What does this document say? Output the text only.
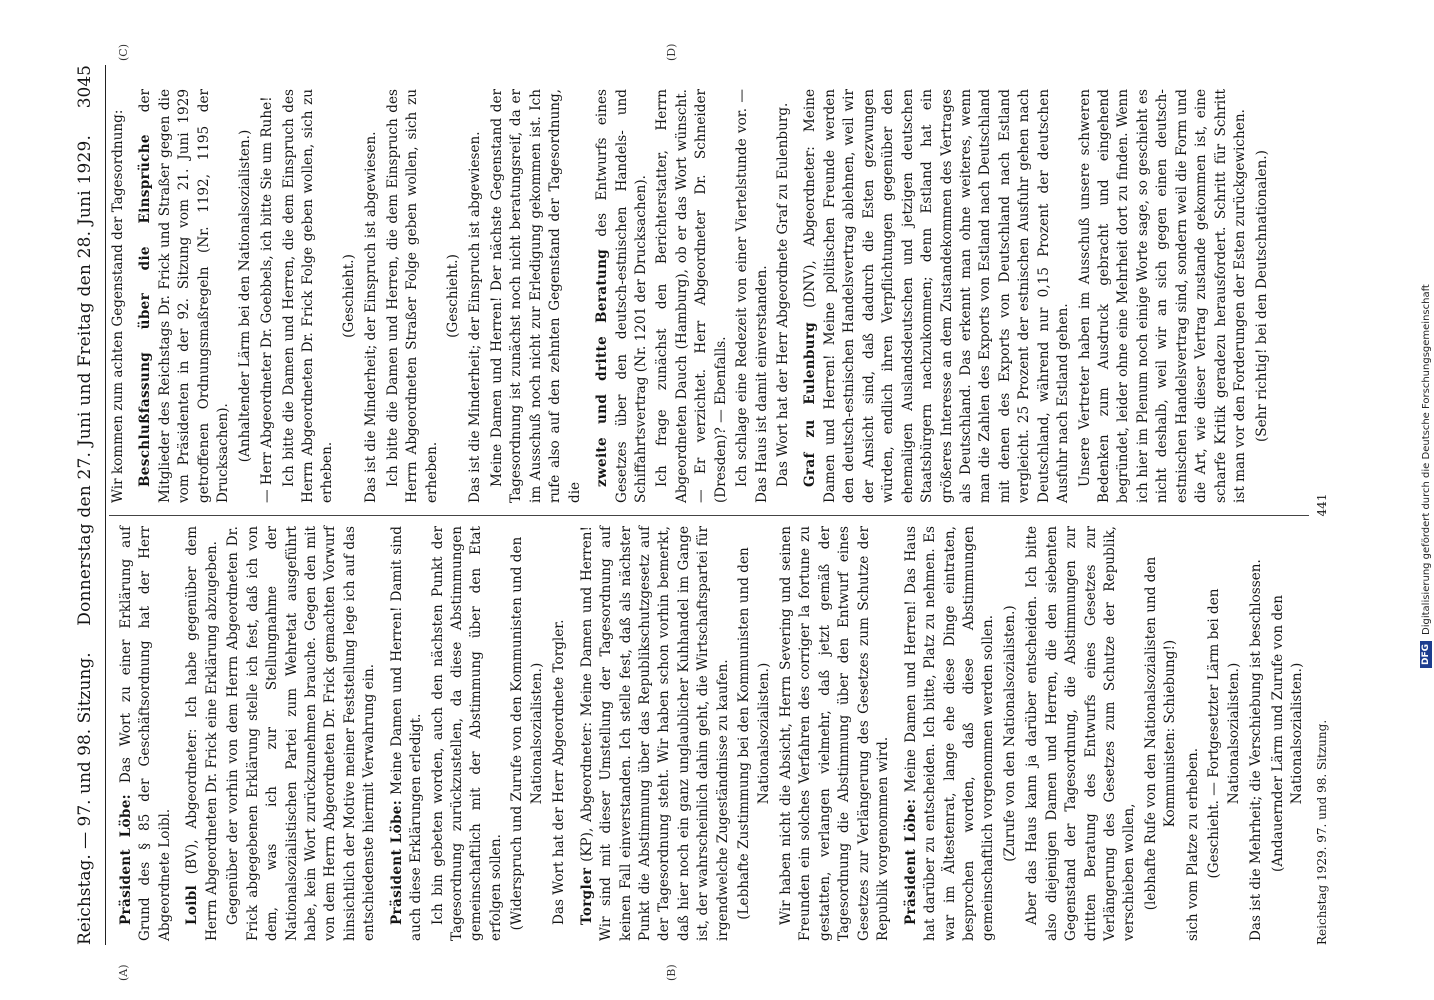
Reichstag. — 97. und 98. Sitzung.
Donnerstag den 27. Juni und Freitag den 28. Juni 1929.
3045

Präsident Löbe: Das Wort zu einer Erklärung auf Grund des § 85 der Geschäftsordnung hat der Herr Abgeordnete Loibl. Loibl (BV), Abgeordneter: Ich habe gegenüber dem Herrn Abgeordneten Dr. Frick eine Erklärung abzugeben. Gegenüber der vorhin von dem Herrn Abgeordneten Dr. Frick abgegebenen Erklärung stelle ich fest, daß ich von dem, was ich zur Stellungnahme der Nationalsozialistischen Partei zum Wehretat ausgeführt habe, kein Wort zurückzunehmen brauche. Gegen den mit von dem Herrn Abgeordneten Dr. Frick gemachten Vorwurf hinsichtlich der Motive meiner Feststellung lege ich auf das entschiedenste hiermit Verwahrung ein. Präsident Löbe: Meine Damen und Herren! Damit sind auch diese Erklärungen erledigt. Ich bin gebeten worden, auch den nächsten Punkt der Tagesordnung zurückzustellen, da diese Abstimmungen gemeinschaftlich mit der Abstimmung über den Etat erfolgen sollen. (Widerspruch und Zurufe von den Kommunisten und den Nationalsozialisten.) Das Wort hat der Herr Abgeordnete Torgler. Torgler (KP), Abgeordneter: Meine Damen und Herren! Wir sind mit dieser Umstellung der Tagesordnung auf keinen Fall einverstanden. Ich stelle fest, daß als nächster Punkt die Abstimmung über das Republikschutzgesetz auf der Tagesordnung steht. Wir haben schon vorhin bemerkt, daß hier noch ein ganz unglaublicher Kuhhandel im Gange ist, der wahrscheinlich dahin geht, die Wirtschaftspartei für irgendwelche Zugeständnisse zu kaufen. (Lebhafte Zustimmung bei den Kommunisten und den Nationalsozialisten.) Wir haben nicht die Absicht, Herrn Severing und seinen Freunden ein solches Verfahren des corriger la fortune zu gestatten, verlangen vielmehr, daß jetzt gemäß der Tagesordnung die Abstimmung über den Entwurf eines Gesetzes zur Verlängerung des Gesetzes zum Schutze der Republik vorgenommen wird. Präsident Löbe: Meine Damen und Herren! Das Haus hat darüber zu entscheiden. Ich bitte, Platz zu nehmen. Es war im Ältestenrat, lange ehe diese Dinge eintraten, besprochen worden, daß diese Abstimmungen gemeinschaftlich vorgenommen werden sollen. (Zurufe von den Nationalsozialisten.) Aber das Haus kann ja darüber entscheiden. Ich bitte also diejenigen Damen und Herren, die den siebenten Gegenstand der Tagesordnung, die Abstimmungen zur dritten Beratung des Entwurfs eines Gesetzes zur Verlängerung des Gesetzes zum Schutze der Republik, verschieben wollen, (lebhafte Rufe von den Nationalsozialisten und den Kommunisten: Schiebung!)

sich vom Platze zu erheben. (Geschieht. — Fortgesetzter Lärm bei den Nationalsozialisten.) Das ist die Mehrheit; die Verschiebung ist beschlossen. (Andauernder Lärm und Zurufe von den Nationalsozialisten.)

Wir kommen zum achten Gegenstand der Tagesordnung: Beschlußfassung über die Einsprüche der Mitglieder des Reichstags Dr. Frick und Straßer gegen die vom Präsidenten in der 92. Sitzung vom 21. Juni 1929 getroffenen Ordnungsmaßregeln (Nr. 1192, 1195 der Drucksachen). (Anhaltender Lärm bei den Nationalsozialisten.) — Herr Abgeordneter Dr. Goebbels, ich bitte Sie um Ruhe! Ich bitte die Damen und Herren, die dem Einspruch des Herrn Abgeordneten Dr. Frick Folge geben wollen, sich zu erheben.

(Geschieht.) Das ist die Minderheit; der Einspruch ist abgewiesen. Ich bitte die Damen und Herren, die dem Einspruch des Herrn Abgeordneten Straßer Folge geben wollen, sich zu erheben.

(Geschieht.) Das ist die Minderheit; der Einspruch ist abgewiesen. Meine Damen und Herren! Der nächste Gegenstand der Tagesordnung ist zunächst noch nicht beratungsreif, da er im Ausschuß noch nicht zur Erledigung gekommen ist. Ich rufe also auf den zehnten Gegenstand der Tagesordnung, die

zweite und dritte Beratung des Entwurfs eines Gesetzes über den deutsch-estnischen Handels- und Schiffahrtsvertrag (Nr. 1201 der Drucksachen). Ich frage zunächst den Berichterstatter, Herrn Abgeordneten Dauch (Hamburg), ob er das Wort wünscht. — Er verzichtet. Herr Abgeordneter Dr. Schneider (Dresden)? — Ebenfalls. Ich schlage eine Redezeit von einer Viertelstunde vor. — Das Haus ist damit einverstanden. Das Wort hat der Herr Abgeordnete Graf zu Eulenburg. Graf zu Eulenburg (DNV), Abgeordneter: Meine Damen und Herren! Meine politischen Freunde werden den deutsch-estnischen Handelsvertrag ablehnen, weil wir der Ansicht sind, daß dadurch die Esten gezwungen würden, endlich ihren Verpflichtungen gegenüber den ehemaligen Auslandsdeutschen und jetzigen deutschen Staatsbürgern nachzukommen; denn Estland hat ein größeres Interesse an dem Zustandekommen des Vertrages als Deutschland. Das erkennt man ohne weiteres, wenn man die Zahlen des Exports von Estland nach Deutschland mit denen des Exports von Deutschland nach Estland vergleicht. 25 Prozent der estnischen Ausfuhr gehen nach Deutschland, während nur 0,15 Prozent der deutschen Ausfuhr nach Estland gehen. Unsere Vertreter haben im Ausschuß unsere schweren Bedenken zum Ausdruck gebracht und eingehend begründet, leider ohne eine Mehrheit dort zu finden. Wenn ich hier im Plenum noch einige Worte sage, so geschieht es nicht deshalb, weil wir an sich gegen einen deutsch-estnischen Handelsvertrag sind, sondern weil die Form und die Art, wie dieser Vertrag zustande gekommen ist, eine scharfe Kritik geradezu herausfordert. Schritt für Schritt ist man vor den Forderungen der Esten zurückgewichen. (Sehr richtig! bei den Deutschnationalen.)

(A)	(B)
(C)	(D)
Reichstag 1929. 97. und 98. Sitzung.
441
DFG
Digitalisierung gefördert durch die Deutsche Forschungsgemeinschaft
